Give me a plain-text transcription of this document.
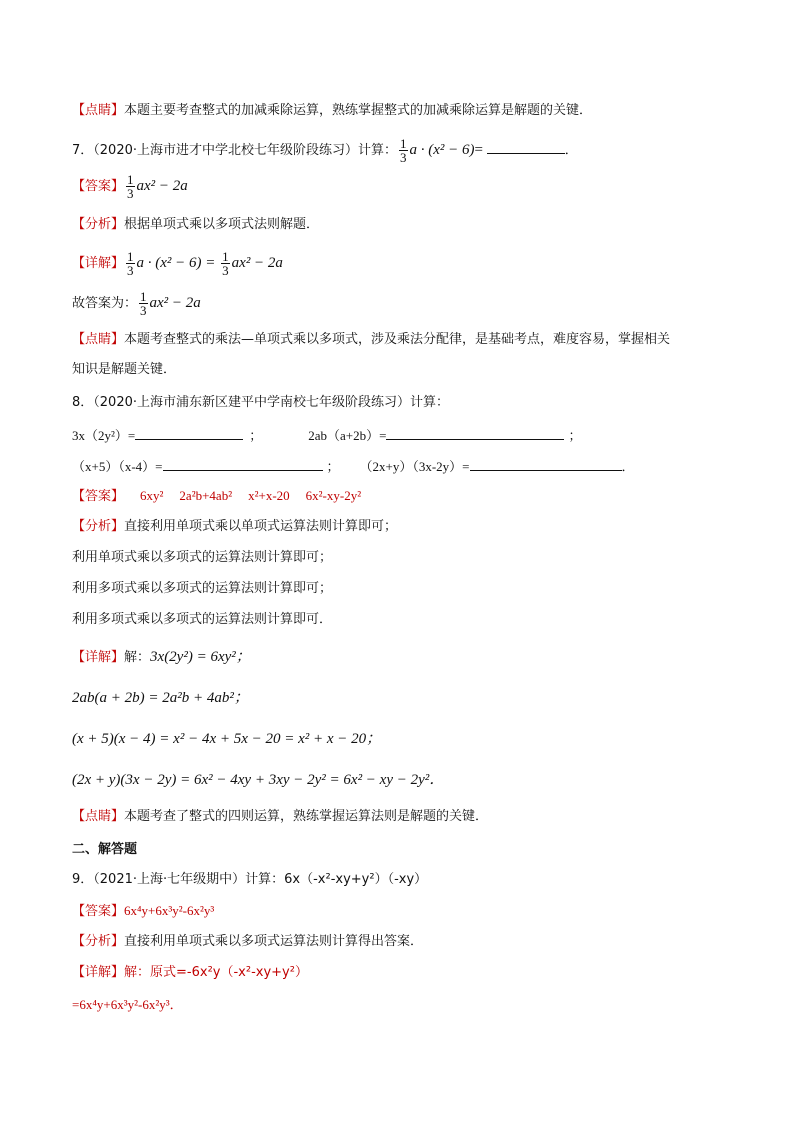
【点睛】本题主要考查整式的加减乘除运算，熟练掌握整式的加减乘除运算是解题的关键．
7．（2020·上海市进才中学北校七年级阶段练习）计算： $\frac{1}{3}$ a · (x² − 6)=	．
【答案】 $\frac{1}{3} ax^2 - 2a$
【分析】根据单项式乘以多项式法则解题．
【详解】 $\frac{1}{3}$ $a \cdot (x^2 - 6) = \frac{1}{3} ax^2 - 2a$
故答案为： $\frac{1}{3} ax^2 - 2a$
【点睛】本题考查整式的乘法—单项式乘以多项式，涉及乘法分配律，是基础考点，难度容易，掌握相关
知识是解题关键．
8．（2020·上海市浦东新区建平中学南校七年级阶段练习）计算：
3x（2y²）=	；	2ab（a+2b）=	；
（x+5）（x-4）=	； （2x+y）（3x-2y）=	．
【答案】 6xy² 2a²b+4ab² x²+x-20 6x²-xy-2y²
【分析】直接利用单项式乘以单项式运算法则计算即可；
利用单项式乘以多项式的运算法则计算即可；
利用多项式乘以多项式的运算法则计算即可；
利用多项式乘以多项式的运算法则计算即可．
【详解】解：3x(2y²) = 6xy²；
2ab(a + 2b) = 2a²b + 4ab²；
(x + 5)(x − 4) = x² − 4x + 5x − 20 = x² + x − 20；
(2x + y)(3x − 2y) = 6x² − 4xy + 3xy − 2y² = 6x² − xy − 2y²．
【点睛】本题考查了整式的四则运算，熟练掌握运算法则是解题的关键．
二、解答题
9．（2021·上海·七年级期中）计算：6x（-x²-xy+y²）（-xy）
【答案】6x⁴y+6x³y²-6x²y³
【分析】直接利用单项式乘以多项式运算法则计算得出答案．
【详解】解：原式=-6x²y（-x²-xy+y²）
=6x⁴y+6x³y²-6x²y³．
